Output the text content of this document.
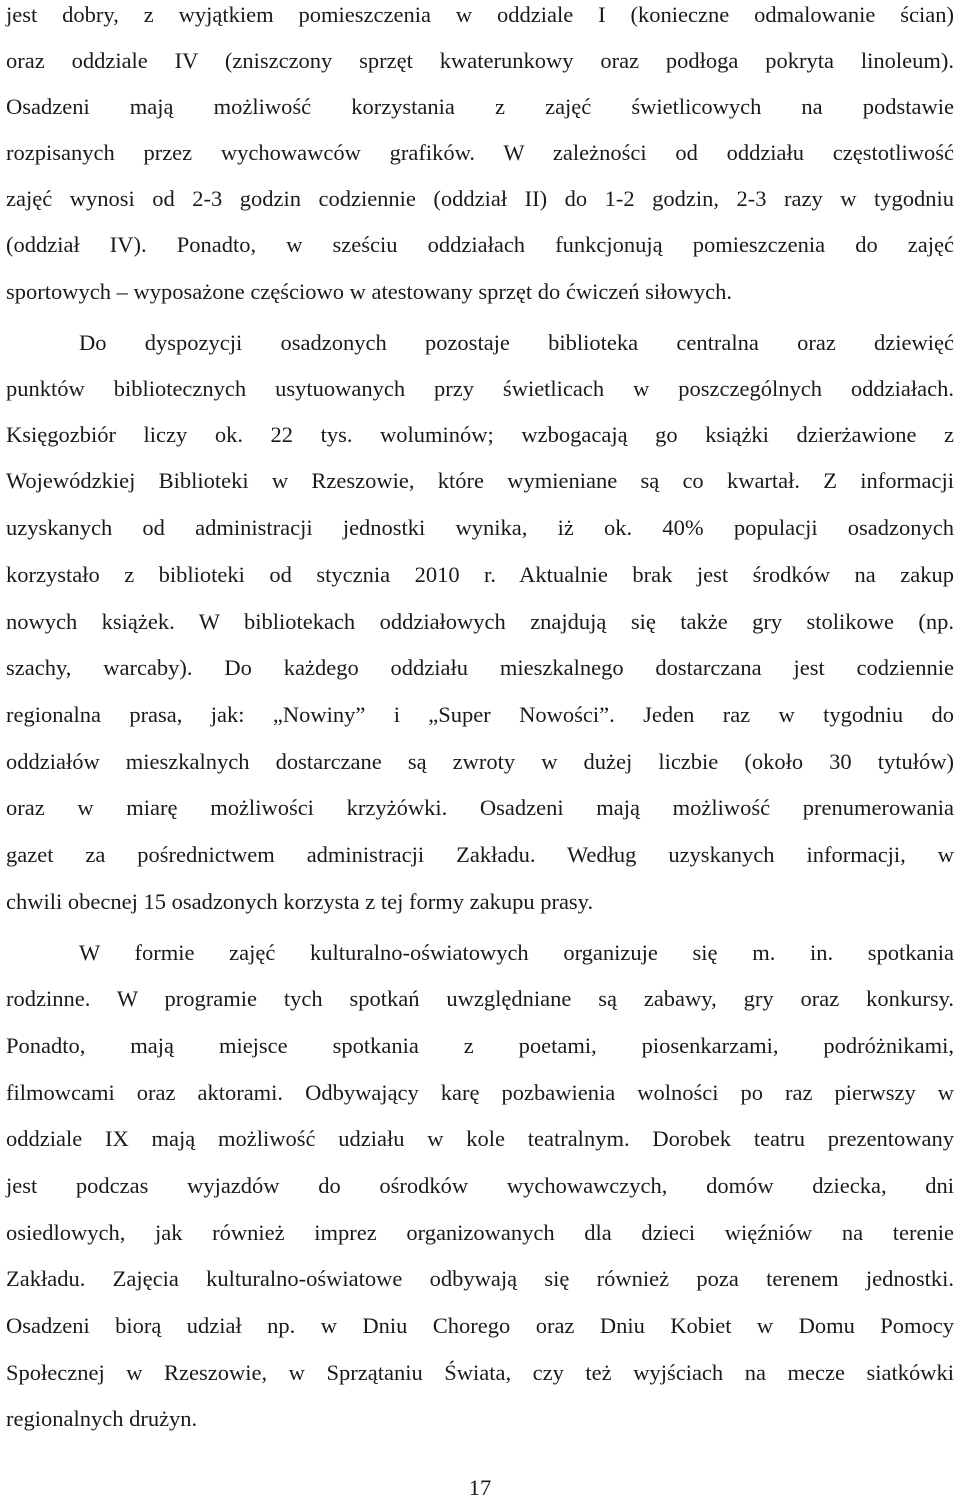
jest dobry, z wyjątkiem pomieszczenia w oddziale I (konieczne odmalowanie ścian)
oraz oddziale IV (zniszczony sprzęt kwaterunkowy oraz podłoga pokryta linoleum).
Osadzeni mają możliwość korzystania z zajęć świetlicowych na podstawie
rozpisanych przez wychowawców grafików. W zależności od oddziału częstotliwość
zajęć wynosi od 2-3 godzin codziennie (oddział II) do 1-2 godzin, 2-3 razy w tygodniu
(oddział IV). Ponadto, w sześciu oddziałach funkcjonują pomieszczenia do zajęć
sportowych – wyposażone częściowo w atestowany sprzęt do ćwiczeń siłowych.
Do dyspozycji osadzonych pozostaje biblioteka centralna oraz dziewięć
punktów bibliotecznych usytuowanych przy świetlicach w poszczególnych oddziałach.
Księgozbiór liczy ok. 22 tys. woluminów; wzbogacają go książki dzierżawione z
Wojewódzkiej Biblioteki w Rzeszowie, które wymieniane są co kwartał. Z informacji
uzyskanych od administracji jednostki wynika, iż ok. 40% populacji osadzonych
korzystało z biblioteki od stycznia 2010 r. Aktualnie brak jest środków na zakup
nowych książek. W bibliotekach oddziałowych znajdują się także gry stolikowe (np.
szachy, warcaby). Do każdego oddziału mieszkalnego dostarczana jest codziennie
regionalna prasa, jak: „Nowiny” i „Super Nowości”. Jeden raz w tygodniu do
oddziałów mieszkalnych dostarczane są zwroty w dużej liczbie (około 30 tytułów)
oraz w miarę możliwości krzyżówki. Osadzeni mają możliwość prenumerowania
gazet za pośrednictwem administracji Zakładu. Według uzyskanych informacji, w
chwili obecnej 15 osadzonych korzysta z tej formy zakupu prasy.
W formie zajęć kulturalno-oświatowych organizuje się m. in. spotkania
rodzinne. W programie tych spotkań uwzględniane są zabawy, gry oraz konkursy.
Ponadto, mają miejsce spotkania z poetami, piosenkarzami, podróżnikami,
filmowcami oraz aktorami. Odbywający karę pozbawienia wolności po raz pierwszy w
oddziale IX mają możliwość udziału w kole teatralnym. Dorobek teatru prezentowany
jest podczas wyjazdów do ośrodków wychowawczych, domów dziecka, dni
osiedlowych, jak również imprez organizowanych dla dzieci więźniów na terenie
Zakładu. Zajęcia kulturalno-oświatowe odbywają się również poza terenem jednostki.
Osadzeni biorą udział np. w Dniu Chorego oraz Dniu Kobiet w Domu Pomocy
Społecznej w Rzeszowie, w Sprzątaniu Świata, czy też wyjściach na mecze siatkówki
regionalnych drużyn.
17
